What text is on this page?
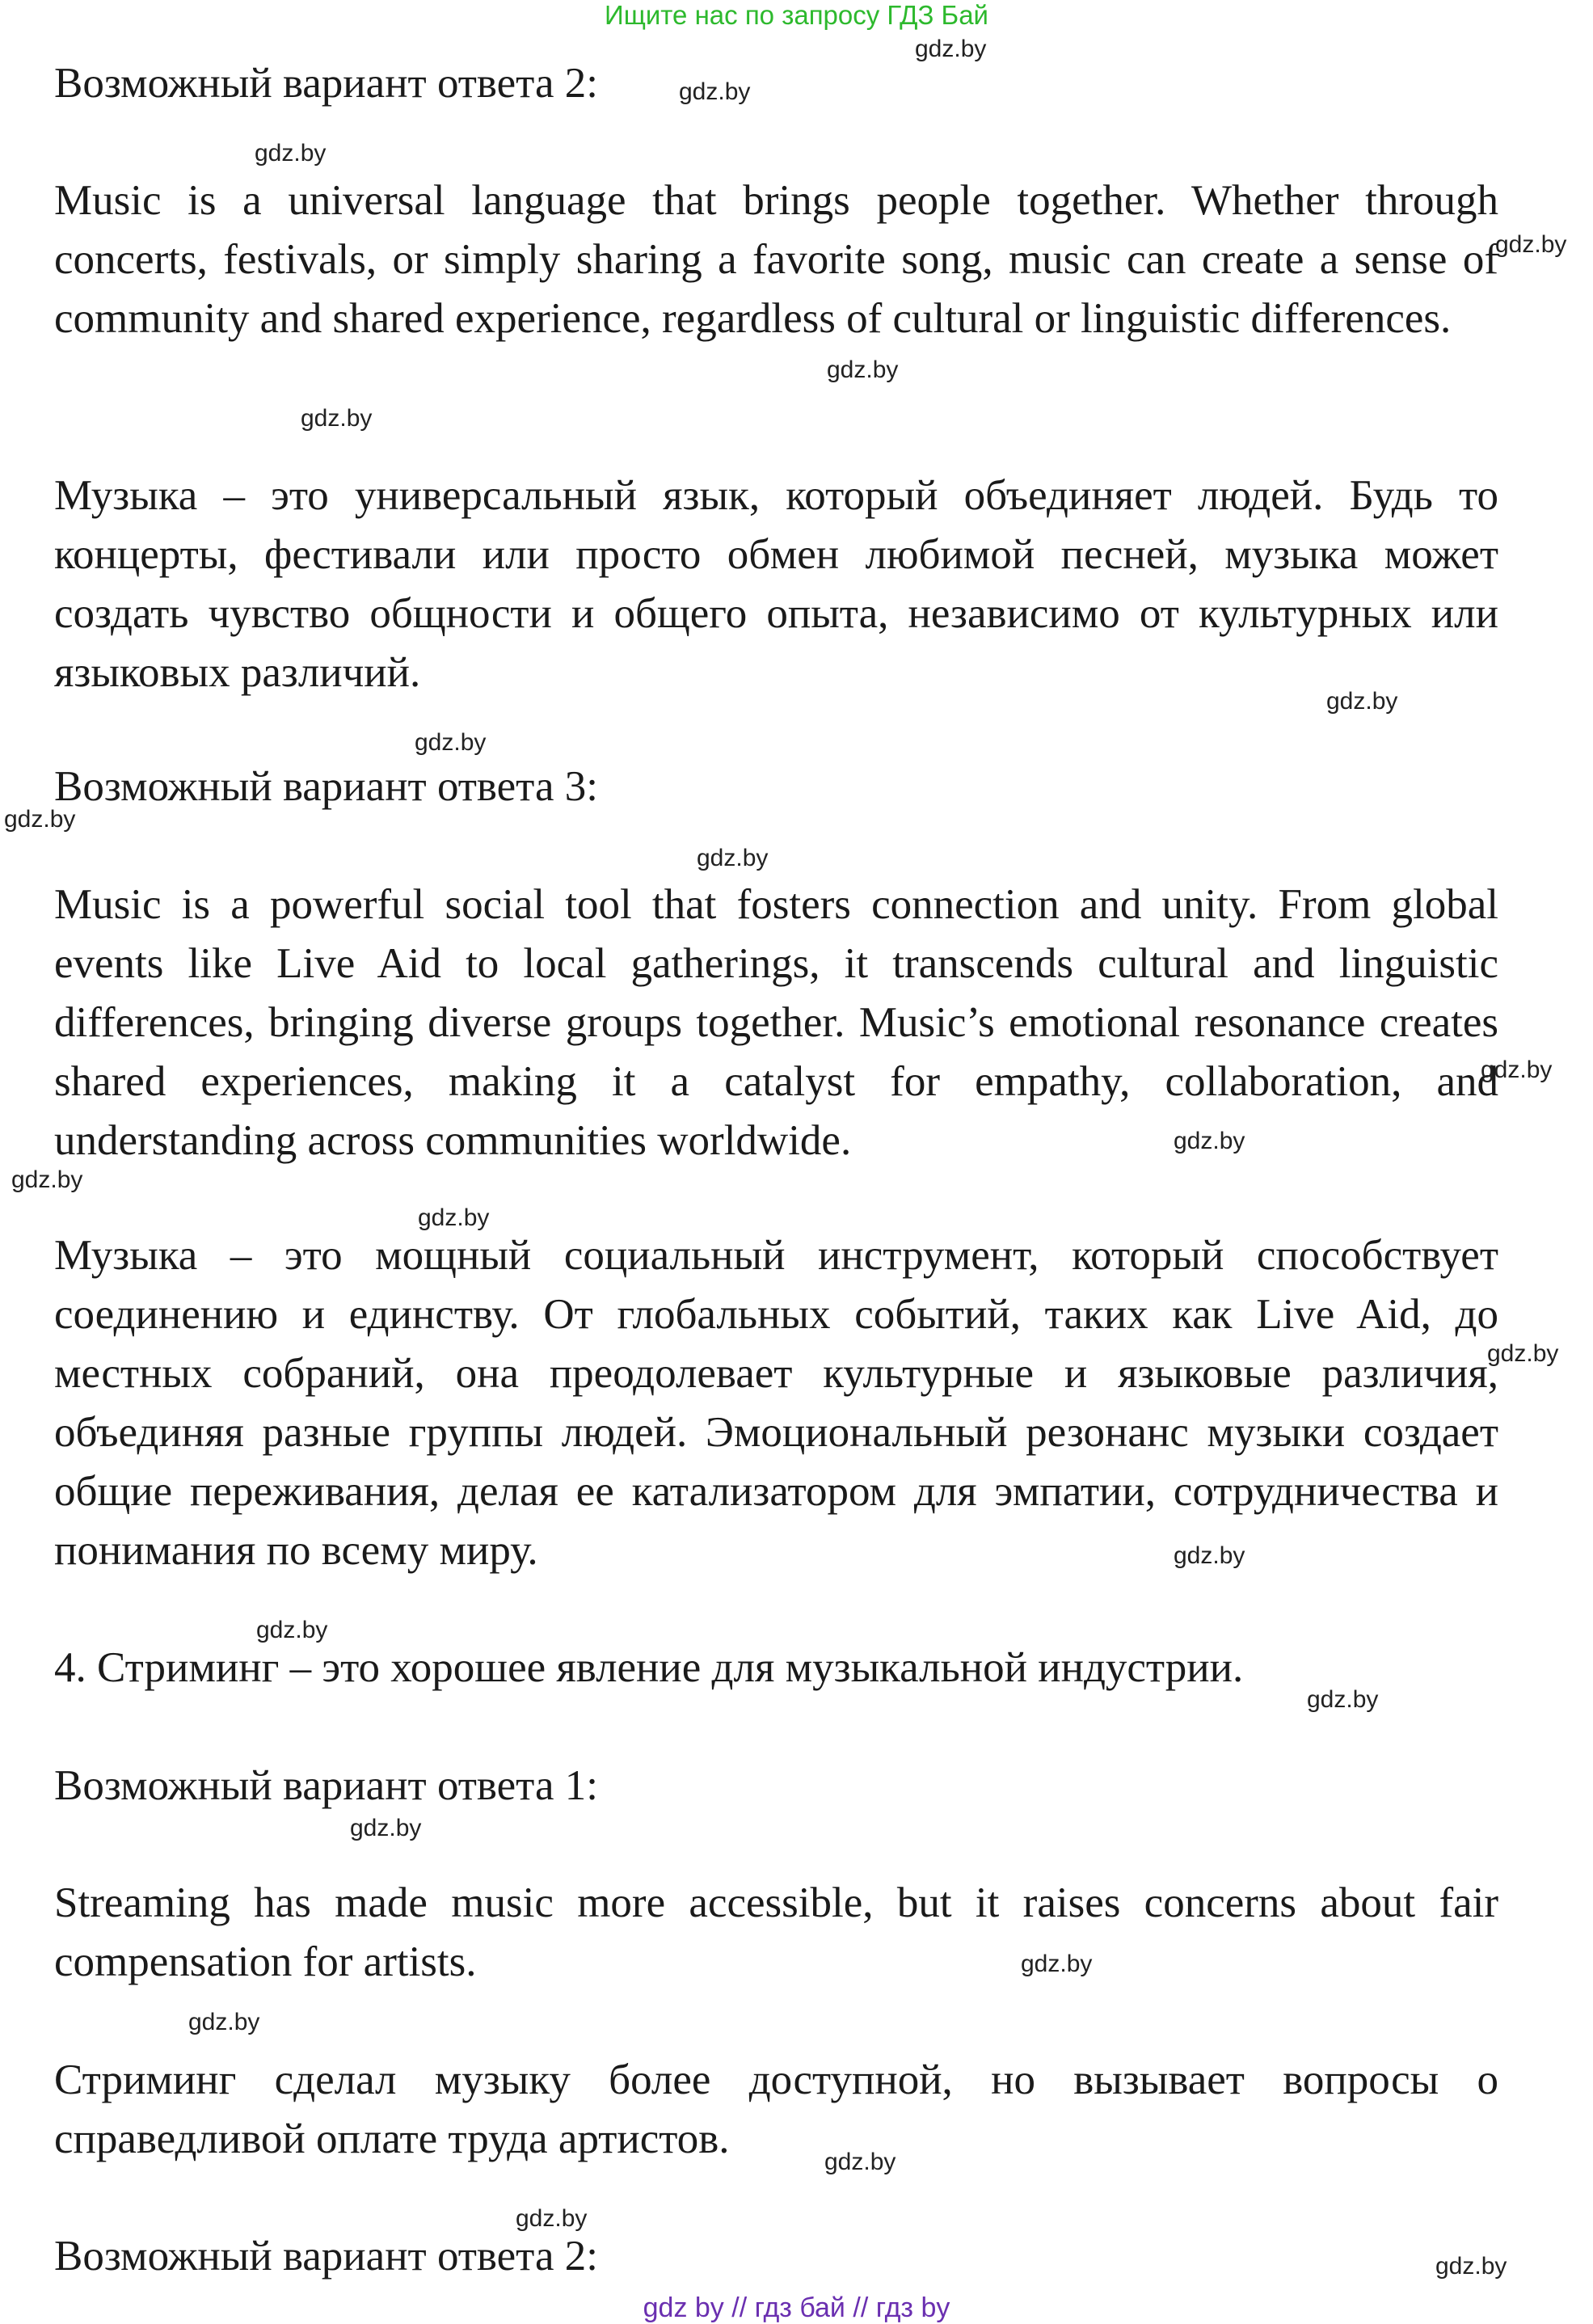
Ищите нас по запросу ГДЗ Бай

Возможный вариант ответа 2:

Music is a universal language that brings people together. Whether through concerts, festivals, or simply sharing a favorite song, music can create a sense of community and shared experience, regardless of cultural or linguistic differences.

Музыка – это универсальный язык, который объединяет людей. Будь то концерты, фестивали или просто обмен любимой песней, музыка может создать чувство общности и общего опыта, независимо от культурных или языковых различий.

Возможный вариант ответа 3:

Music is a powerful social tool that fosters connection and unity. From global events like Live Aid to local gatherings, it transcends cultural and linguistic differences, bringing diverse groups together. Music’s emotional resonance creates shared experiences, making it a catalyst for empathy, collaboration, and understanding across communities worldwide.

Музыка – это мощный социальный инструмент, который способствует соединению и единству. От глобальных событий, таких как Live Aid, до местных собраний, она преодолевает культурные и языковые различия, объединяя разные группы людей. Эмоциональный резонанс музыки создает общие переживания, делая ее катализатором для эмпатии, сотрудничества и понимания по всему миру.

4. Стриминг – это хорошее явление для музыкальной индустрии.

Возможный вариант ответа 1:

Streaming has made music more accessible, but it raises concerns about fair compensation for artists.

Стриминг сделал музыку более доступной, но вызывает вопросы о справедливой оплате труда артистов.

Возможный вариант ответа 2:

gdz.by
gdz.by
gdz.by
gdz.by
gdz.by
gdz.by
gdz.by
gdz.by
gdz.by
gdz.by
gdz.by
gdz.by
gdz.by
gdz.by
gdz.by
gdz.by
gdz.by
gdz.by
gdz.by
gdz.by
gdz.by
gdz.by
gdz.by
gdz.by
gdz by // гдз бай // гдз by
